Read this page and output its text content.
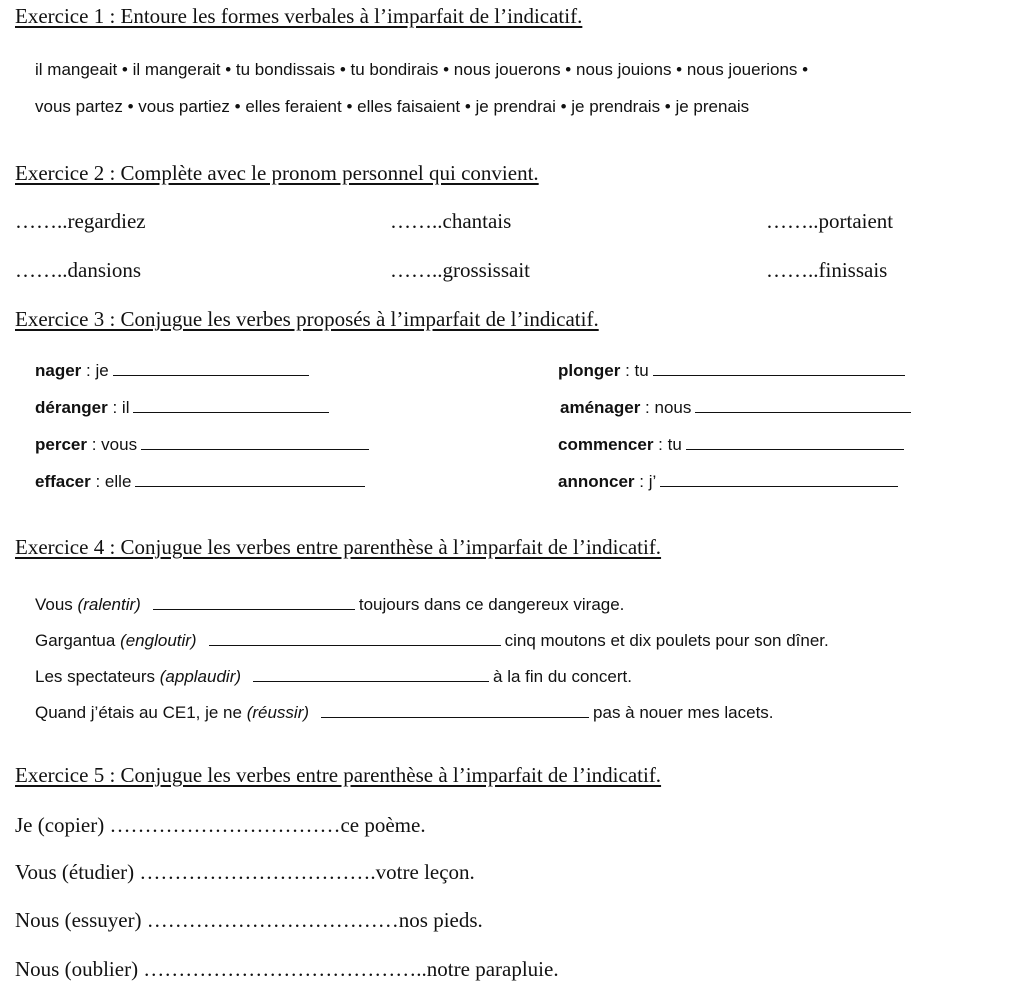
Exercice 1 : Entoure les formes verbales à l’imparfait de l’indicatif.
il mangeait • il mangerait • tu bondissais • tu bondirais • nous jouerons • nous jouions • nous jouerions •
vous partez • vous partiez • elles feraient • elles faisaient • je prendrai • je prendrais • je prenais
Exercice 2 : Complète avec le pronom personnel qui convient.
……..regardiez	……..chantais	……..portaient
……..dansions	……..grossissait	……..finissais
Exercice 3 : Conjugue les verbes proposés à l’imparfait de l’indicatif.
nager : je	plonger : tu
déranger : il	aménager : nous
percer : vous	commencer : tu
effacer : elle	annoncer : j’
Exercice 4 : Conjugue les verbes entre parenthèse à l’imparfait de l’indicatif.
Vous (ralentir)	toujours dans ce dangereux virage.
Gargantua (engloutir)	cinq moutons et dix poulets pour son dîner.
Les spectateurs (applaudir)	à la fin du concert.
Quand j’étais au CE1, je ne (réussir)	pas à nouer mes lacets.
Exercice 5 : Conjugue les verbes entre parenthèse à l’imparfait de l’indicatif.
Je (copier) ……………………………ce poème.
Vous (étudier) …………………………….votre leçon.
Nous (essuyer) ………………………………nos pieds.
Nous (oublier) …………………………………..notre parapluie.
